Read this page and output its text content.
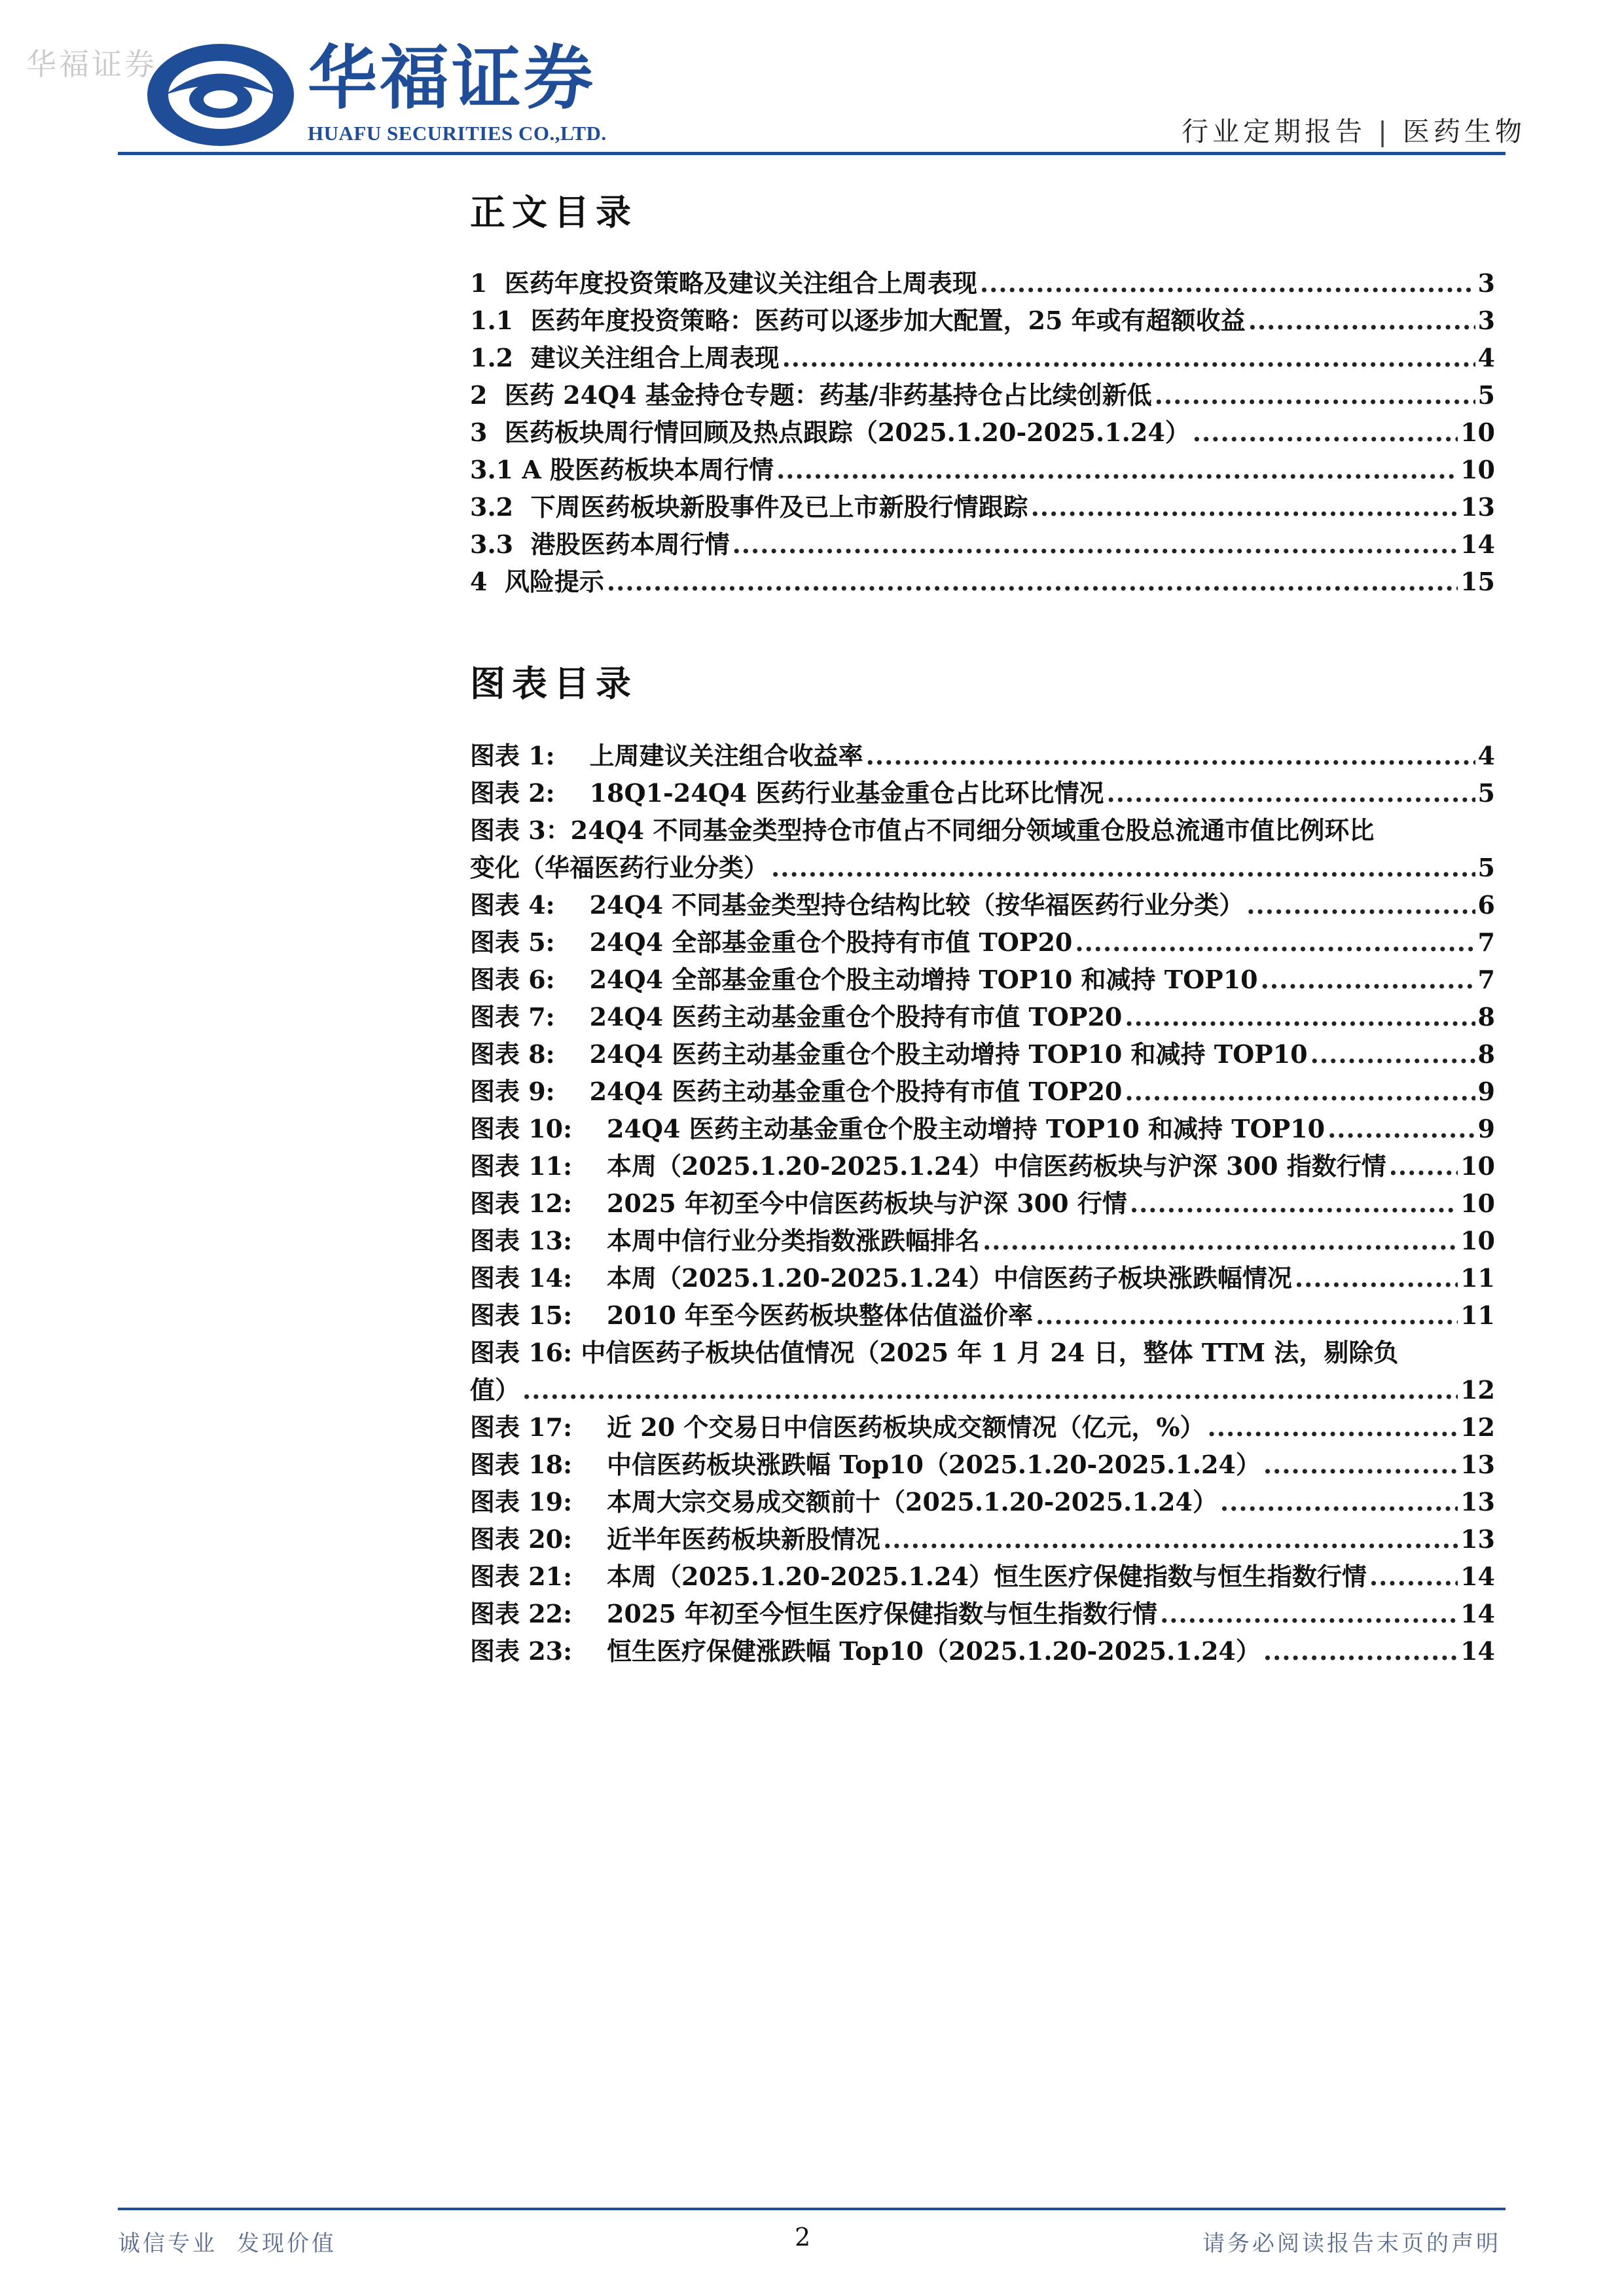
华福证券 华福证券
HUAFU SECURITIES CO.,LTD.	行业定期报告 | 医药生物
正文目录
1  医药年度投资策略及建议关注组合上周表现 .....	3
1.1  医药年度投资策略：医药可以逐步加大配置，25 年或有超额收益 .....	3
1.2  建议关注组合上周表现 .....	4
2  医药 24Q4 基金持仓专题：药基/非药基持仓占比续创新低 .....	5
3  医药板块周行情回顾及热点跟踪（2025.1.20-2025.1.24） .....	10
3.1 A 股医药板块本周行情 .....	10
3.2  下周医药板块新股事件及已上市新股行情跟踪 .....	13
3.3  港股医药本周行情 .....	14
4  风险提示 .....	15
图表目录
图表 1:    上周建议关注组合收益率 .....	4
图表 2:    18Q1-24Q4 医药行业基金重仓占比环比情况 .....	5
图表 3：24Q4 不同基金类型持仓市值占不同细分领域重仓股总流通市值比例环比
变化（华福医药行业分类） .....	5
图表 4:    24Q4 不同基金类型持仓结构比较（按华福医药行业分类） .....	6
图表 5:    24Q4 全部基金重仓个股持有市值 TOP20 .....	7
图表 6:    24Q4 全部基金重仓个股主动增持 TOP10 和减持 TOP10 .....	7
图表 7:    24Q4 医药主动基金重仓个股持有市值 TOP20 .....	8
图表 8:    24Q4 医药主动基金重仓个股主动增持 TOP10 和减持 TOP10 .....	8
图表 9:    24Q4 医药主动基金重仓个股持有市值 TOP20 .....	9
图表 10:    24Q4 医药主动基金重仓个股主动增持 TOP10 和减持 TOP10 .....	9
图表 11:    本周（2025.1.20-2025.1.24）中信医药板块与沪深 300 指数行情 .....	10
图表 12:    2025 年初至今中信医药板块与沪深 300 行情 .....	10
图表 13:    本周中信行业分类指数涨跌幅排名 .....	10
图表 14:    本周（2025.1.20-2025.1.24）中信医药子板块涨跌幅情况 .....	11
图表 15:    2010 年至今医药板块整体估值溢价率 .....	11
图表 16: 中信医药子板块估值情况（2025 年 1 月 24 日，整体 TTM 法，剔除负
值） .....	12
图表 17:    近 20 个交易日中信医药板块成交额情况（亿元，%） .....	12
图表 18:    中信医药板块涨跌幅 Top10（2025.1.20-2025.1.24） .....	13
图表 19:    本周大宗交易成交额前十（2025.1.20-2025.1.24） .....	13
图表 20:    近半年医药板块新股情况 .....	13
图表 21:    本周（2025.1.20-2025.1.24）恒生医疗保健指数与恒生指数行情 .....	14
图表 22:    2025 年初至今恒生医疗保健指数与恒生指数行情 .....	14
图表 23:    恒生医疗保健涨跌幅 Top10（2025.1.20-2025.1.24） .....	14
诚信专业 发现价值	2	请务必阅读报告末页的声明
